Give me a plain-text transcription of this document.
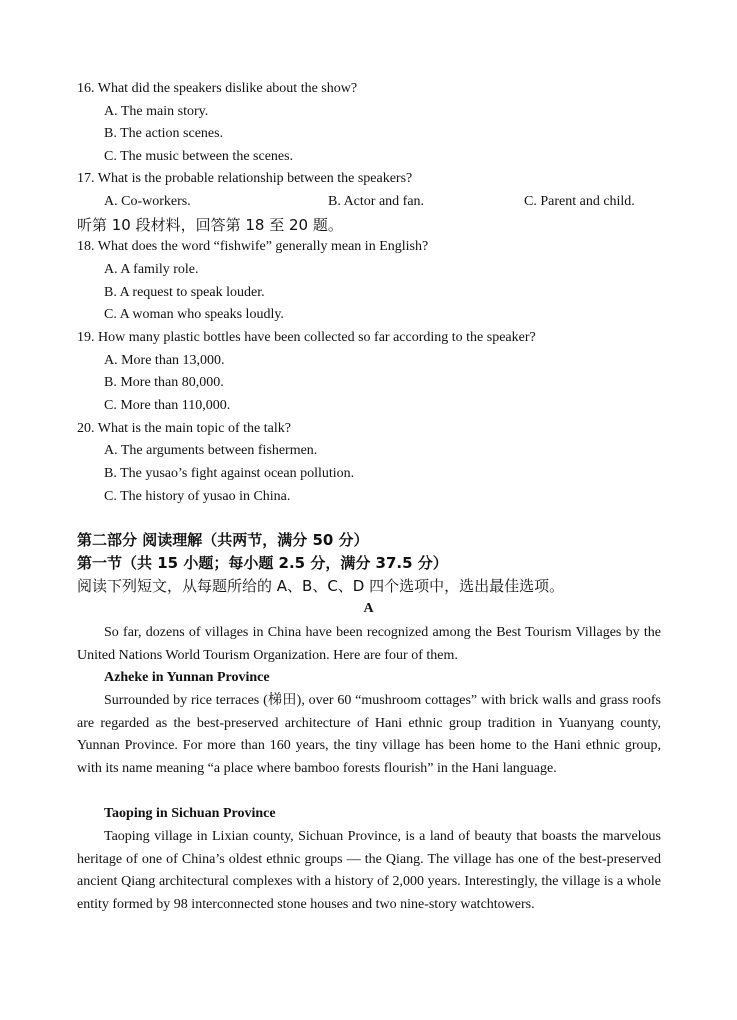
16. What did the speakers dislike about the show?
A. The main story.
B. The action scenes.
C. The music between the scenes.
17. What is the probable relationship between the speakers?
A. Co-workers.	B. Actor and fan.	C. Parent and child.
听第 10 段材料，回答第 18 至 20 题。
18. What does the word “fishwife” generally mean in English?
A. A family role.
B. A request to speak louder.
C. A woman who speaks loudly.
19. How many plastic bottles have been collected so far according to the speaker?
A. More than 13,000.
B. More than 80,000.
C. More than 110,000.
20. What is the main topic of the talk?
A. The arguments between fishermen.
B. The yusao’s fight against ocean pollution.
C. The history of yusao in China.
第二部分 阅读理解（共两节，满分 50 分）
第一节（共 15 小题；每小题 2.5 分，满分 37.5 分）
阅读下列短文，从每题所给的 A、B、C、D 四个选项中，选出最佳选项。
A
So far, dozens of villages in China have been recognized among the Best Tourism Villages by the United Nations World Tourism Organization. Here are four of them.
Azheke in Yunnan Province
Surrounded by rice terraces (梯田), over 60 “mushroom cottages” with brick walls and grass roofs are regarded as the best-preserved architecture of Hani ethnic group tradition in Yuanyang county, Yunnan Province. For more than 160 years, the tiny village has been home to the Hani ethnic group, with its name meaning “a place where bamboo forests flourish” in the Hani language.
Taoping in Sichuan Province
Taoping village in Lixian county, Sichuan Province, is a land of beauty that boasts the marvelous heritage of one of China’s oldest ethnic groups — the Qiang. The village has one of the best-preserved ancient Qiang architectural complexes with a history of 2,000 years. Interestingly, the village is a whole entity formed by 98 interconnected stone houses and two nine-story watchtowers.
